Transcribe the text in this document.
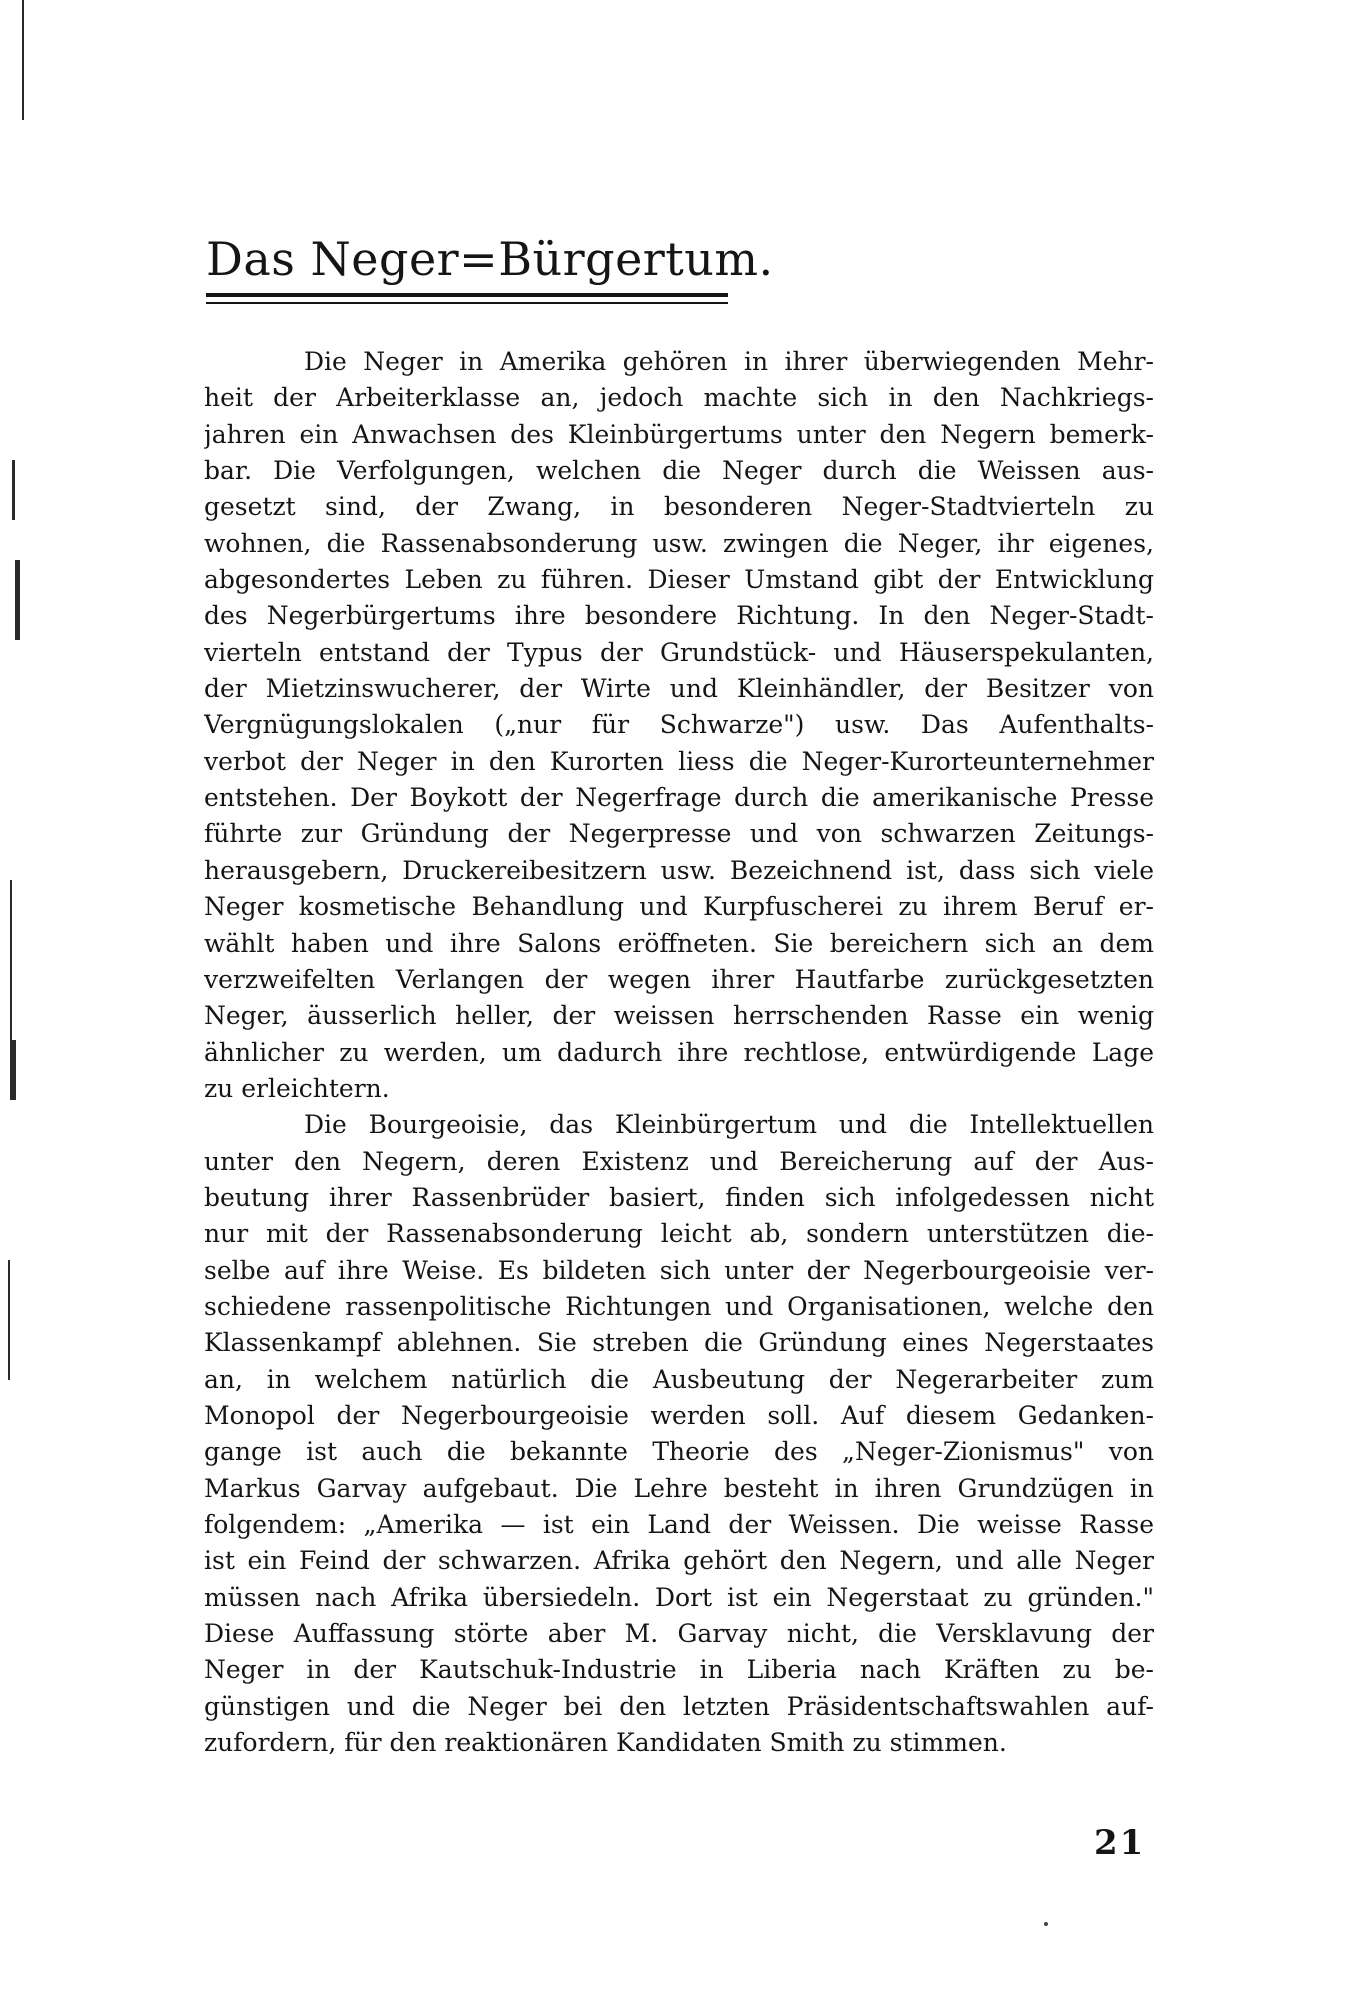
Das Neger=Bürgertum.
Die Neger in Amerika gehören in ihrer überwiegenden Mehr-
heit der Arbeiterklasse an, jedoch machte sich in den Nachkriegs-
jahren ein Anwachsen des Kleinbürgertums unter den Negern bemerk-
bar. Die Verfolgungen, welchen die Neger durch die Weissen aus-
gesetzt sind, der Zwang, in besonderen Neger-Stadtvierteln zu
wohnen, die Rassenabsonderung usw. zwingen die Neger, ihr eigenes,
abgesondertes Leben zu führen. Dieser Umstand gibt der Entwicklung
des Negerbürgertums ihre besondere Richtung. In den Neger-Stadt-
vierteln entstand der Typus der Grundstück- und Häuserspekulanten,
der Mietzinswucherer, der Wirte und Kleinhändler, der Besitzer von
Vergnügungslokalen („nur für Schwarze") usw. Das Aufenthalts-
verbot der Neger in den Kurorten liess die Neger-Kurorteunternehmer
entstehen. Der Boykott der Negerfrage durch die amerikanische Presse
führte zur Gründung der Negerpresse und von schwarzen Zeitungs-
herausgebern, Druckereibesitzern usw. Bezeichnend ist, dass sich viele
Neger kosmetische Behandlung und Kurpfuscherei zu ihrem Beruf er-
wählt haben und ihre Salons eröffneten. Sie bereichern sich an dem
verzweifelten Verlangen der wegen ihrer Hautfarbe zurückgesetzten
Neger, äusserlich heller, der weissen herrschenden Rasse ein wenig
ähnlicher zu werden, um dadurch ihre rechtlose, entwürdigende Lage
zu erleichtern.
Die Bourgeoisie, das Kleinbürgertum und die Intellektuellen
unter den Negern, deren Existenz und Bereicherung auf der Aus-
beutung ihrer Rassenbrüder basiert, finden sich infolgedessen nicht
nur mit der Rassenabsonderung leicht ab, sondern unterstützen die-
selbe auf ihre Weise. Es bildeten sich unter der Negerbourgeoisie ver-
schiedene rassenpolitische Richtungen und Organisationen, welche den
Klassenkampf ablehnen. Sie streben die Gründung eines Negerstaates
an, in welchem natürlich die Ausbeutung der Negerarbeiter zum
Monopol der Negerbourgeoisie werden soll. Auf diesem Gedanken-
gange ist auch die bekannte Theorie des „Neger-Zionismus" von
Markus Garvay aufgebaut. Die Lehre besteht in ihren Grundzügen in
folgendem: „Amerika — ist ein Land der Weissen. Die weisse Rasse
ist ein Feind der schwarzen. Afrika gehört den Negern, und alle Neger
müssen nach Afrika übersiedeln. Dort ist ein Negerstaat zu gründen."
Diese Auffassung störte aber M. Garvay nicht, die Versklavung der
Neger in der Kautschuk-Industrie in Liberia nach Kräften zu be-
günstigen und die Neger bei den letzten Präsidentschaftswahlen auf-
zufordern, für den reaktionären Kandidaten Smith zu stimmen.
21
